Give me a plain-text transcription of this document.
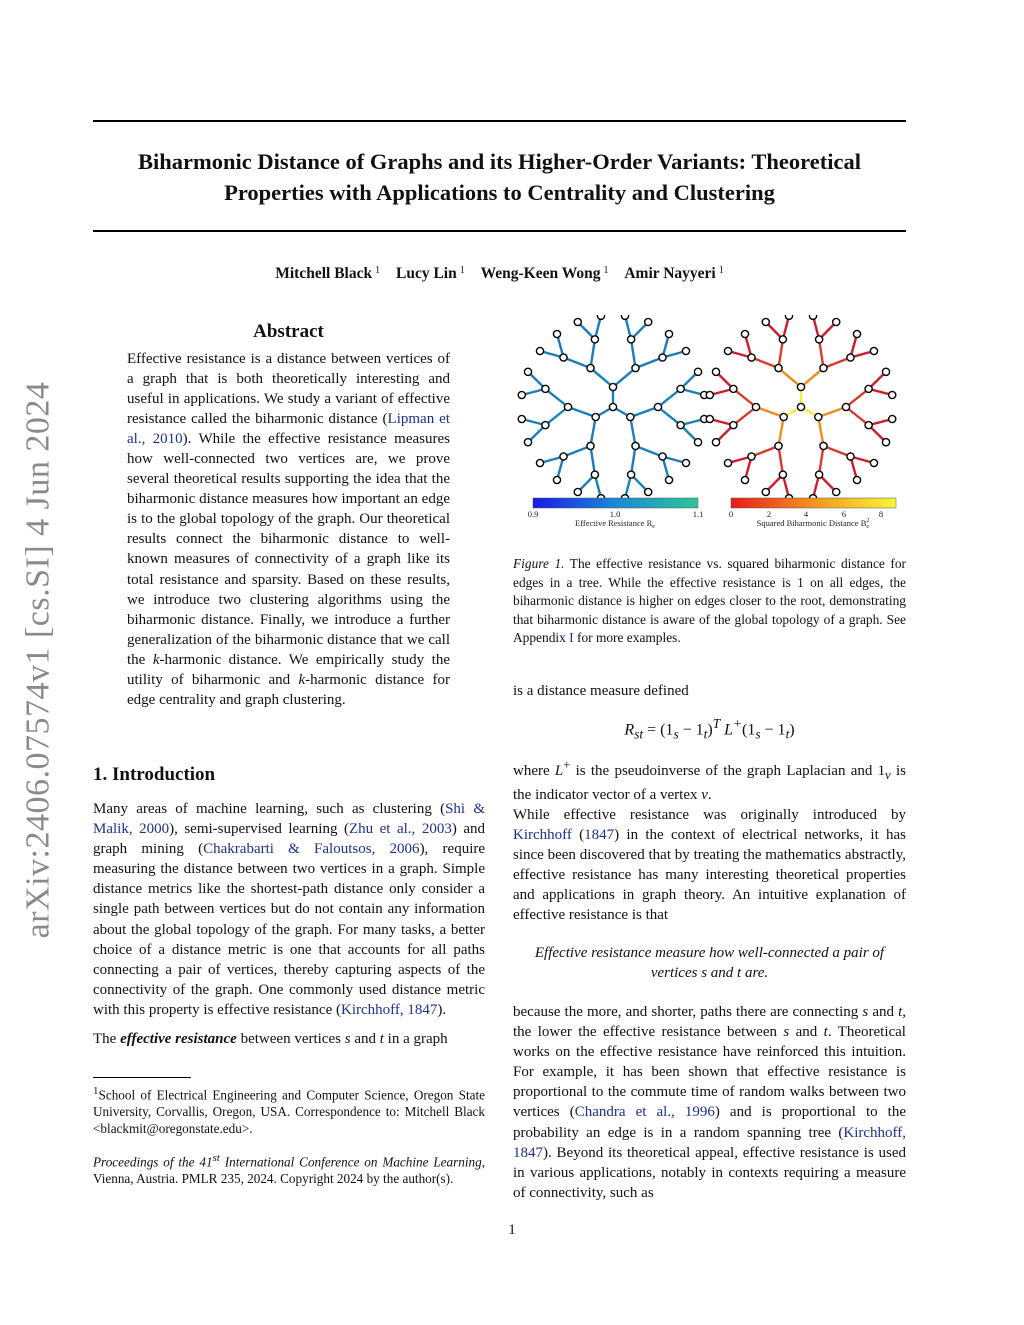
arXiv:2406.07574v1 [cs.SI] 4 Jun 2024
Biharmonic Distance of Graphs and its Higher-Order Variants: Theoretical
Properties with Applications to Centrality and Clustering
Mitchell Black $^1$ Lucy Lin $^1$ Weng-Keen Wong $^1$ Amir Nayyeri $^1$
Abstract
Effective resistance is a distance between vertices of a graph that is both theoretically interesting and useful in applications. We study a variant of effective resistance called the biharmonic distance (Lipman et al., 2010). While the effective resistance measures how well-connected two vertices are, we prove several theoretical results supporting the idea that the biharmonic distance measures how important an edge is to the global topology of the graph. Our theoretical results connect the biharmonic distance to well-known measures of connectivity of a graph like its total resistance and sparsity. Based on these results, we introduce two clustering algorithms using the biharmonic distance. Finally, we introduce a further generalization of the biharmonic distance that we call the k-harmonic distance. We empirically study the utility of biharmonic and k-harmonic distance for edge centrality and graph clustering.
1. Introduction

Many areas of machine learning, such as clustering (Shi & Malik, 2000), semi-supervised learning (Zhu et al., 2003) and graph mining (Chakrabarti & Faloutsos, 2006), require measuring the distance between two vertices in a graph. Simple distance metrics like the shortest-path distance only consider a single path between vertices but do not contain any information about the global topology of the graph. For many tasks, a better choice of a distance metric is one that accounts for all paths connecting a pair of vertices, thereby capturing aspects of the connectivity of the graph. One commonly used distance metric with this property is effective resistance (Kirchhoff, 1847).

The effective resistance between vertices s and t in a graph

$^1$School of Electrical Engineering and Computer Science, Oregon State University, Corvallis, Oregon, USA. Correspondence to: Mitchell Black <blackmit@oregonstate.edu>.
Proceedings of the 41st International Conference on Machine Learning, Vienna, Austria. PMLR 235, 2024. Copyright 2024 by the author(s).
0.9	1.0	1.1
Effective Resistance $R_e$
0	2	4	6	8
Squared Biharmonic Distance $B^2$ e
Figure 1. The effective resistance vs. squared biharmonic distance for edges in a tree. While the effective resistance is 1 on all edges, the biharmonic distance is higher on edges closer to the root, demonstrating that biharmonic distance is aware of the global topology of a graph. See Appendix I for more examples.
is a distance measure defined
$R_{st} = (1_s - 1_t)^T$ $L^+(1_s - 1_t)$
where L+ is the pseudoinverse of the graph Laplacian and $1_v$ is the indicator vector of a vertex v.
While effective resistance was originally introduced by Kirchhoff (1847) in the context of electrical networks, it has since been discovered that by treating the mathematics abstractly, effective resistance has many interesting theoretical properties and applications in graph theory. An intuitive explanation of effective resistance is that
Effective resistance measure how well-connected a pair of vertices s and t are.
because the more, and shorter, paths there are connecting s and t, the lower the effective resistance between s and t. Theoretical works on the effective resistance have reinforced this intuition. For example, it has been shown that effective resistance is proportional to the commute time of random walks between two vertices (Chandra et al., 1996) and is proportional to the probability an edge is in a random spanning tree (Kirchhoff, 1847). Beyond its theoretical appeal, effective resistance is used in various applications, notably in contexts requiring a measure of connectivity, such as
1
